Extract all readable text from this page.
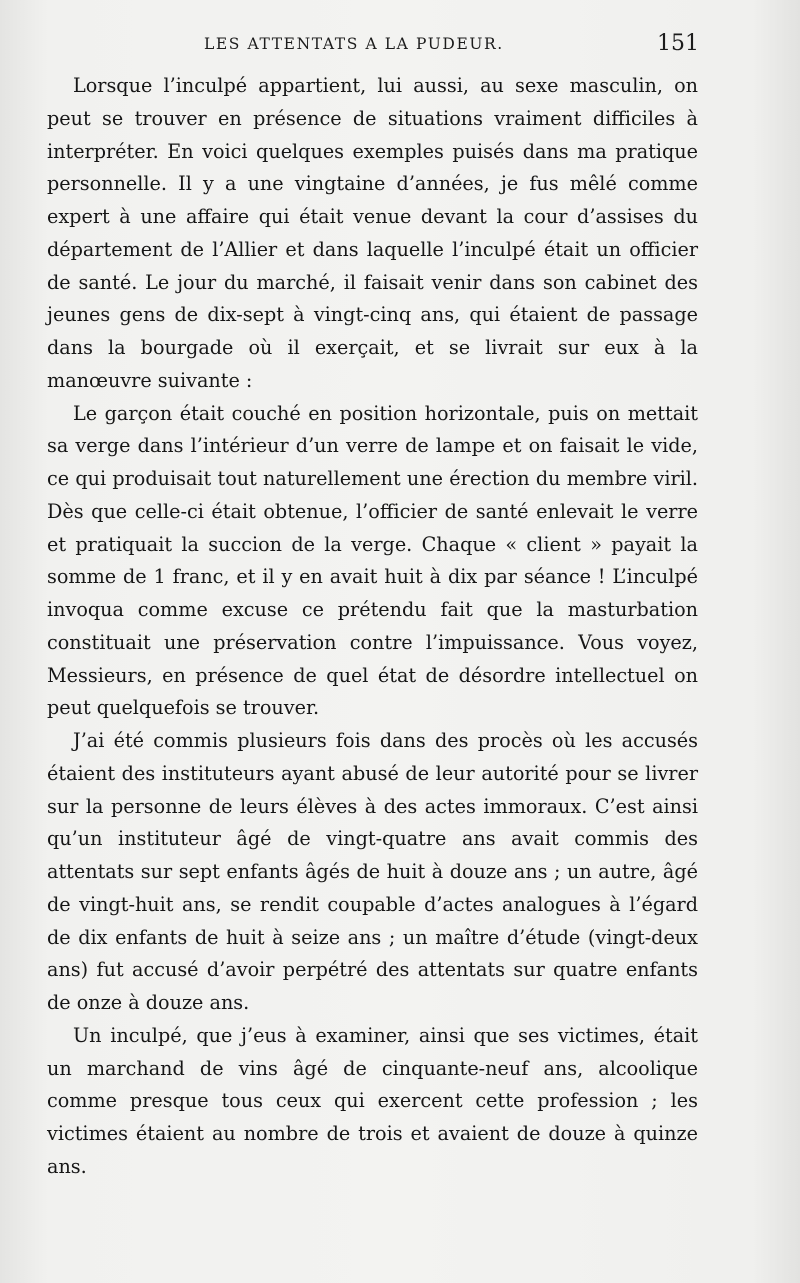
LES ATTENTATS A LA PUDEUR.	151

Lorsque l’inculpé appartient, lui aussi, au sexe masculin, on peut se trouver en présence de situations vraiment difficiles à interpréter. En voici quelques exemples puisés dans ma pratique personnelle. Il y a une vingtaine d’années, je fus mêlé comme expert à une affaire qui était venue devant la cour d’assises du département de l’Allier et dans laquelle l’inculpé était un officier de santé. Le jour du marché, il faisait venir dans son cabinet des jeunes gens de dix-sept à vingt-cinq ans, qui étaient de passage dans la bourgade où il exerçait, et se livrait sur eux à la manœuvre suivante :

Le garçon était couché en position horizontale, puis on mettait sa verge dans l’intérieur d’un verre de lampe et on faisait le vide, ce qui produisait tout naturellement une érection du membre viril. Dès que celle-ci était obtenue, l’officier de santé enlevait le verre et pratiquait la succion de la verge. Chaque « client » payait la somme de 1 franc, et il y en avait huit à dix par séance ! L’inculpé invoqua comme excuse ce prétendu fait que la masturbation constituait une préservation contre l’impuissance. Vous voyez, Messieurs, en présence de quel état de désordre intellectuel on peut quelquefois se trouver.

J’ai été commis plusieurs fois dans des procès où les accusés étaient des instituteurs ayant abusé de leur autorité pour se livrer sur la personne de leurs élèves à des actes immoraux. C’est ainsi qu’un instituteur âgé de vingt-quatre ans avait commis des attentats sur sept enfants âgés de huit à douze ans ; un autre, âgé de vingt-huit ans, se rendit coupable d’actes analogues à l’égard de dix enfants de huit à seize ans ; un maître d’étude (vingt-deux ans) fut accusé d’avoir perpétré des attentats sur quatre enfants de onze à douze ans.

Un inculpé, que j’eus à examiner, ainsi que ses victimes, était un marchand de vins âgé de cinquante-neuf ans, alcoolique comme presque tous ceux qui exercent cette profession ; les victimes étaient au nombre de trois et avaient de douze à quinze ans.
